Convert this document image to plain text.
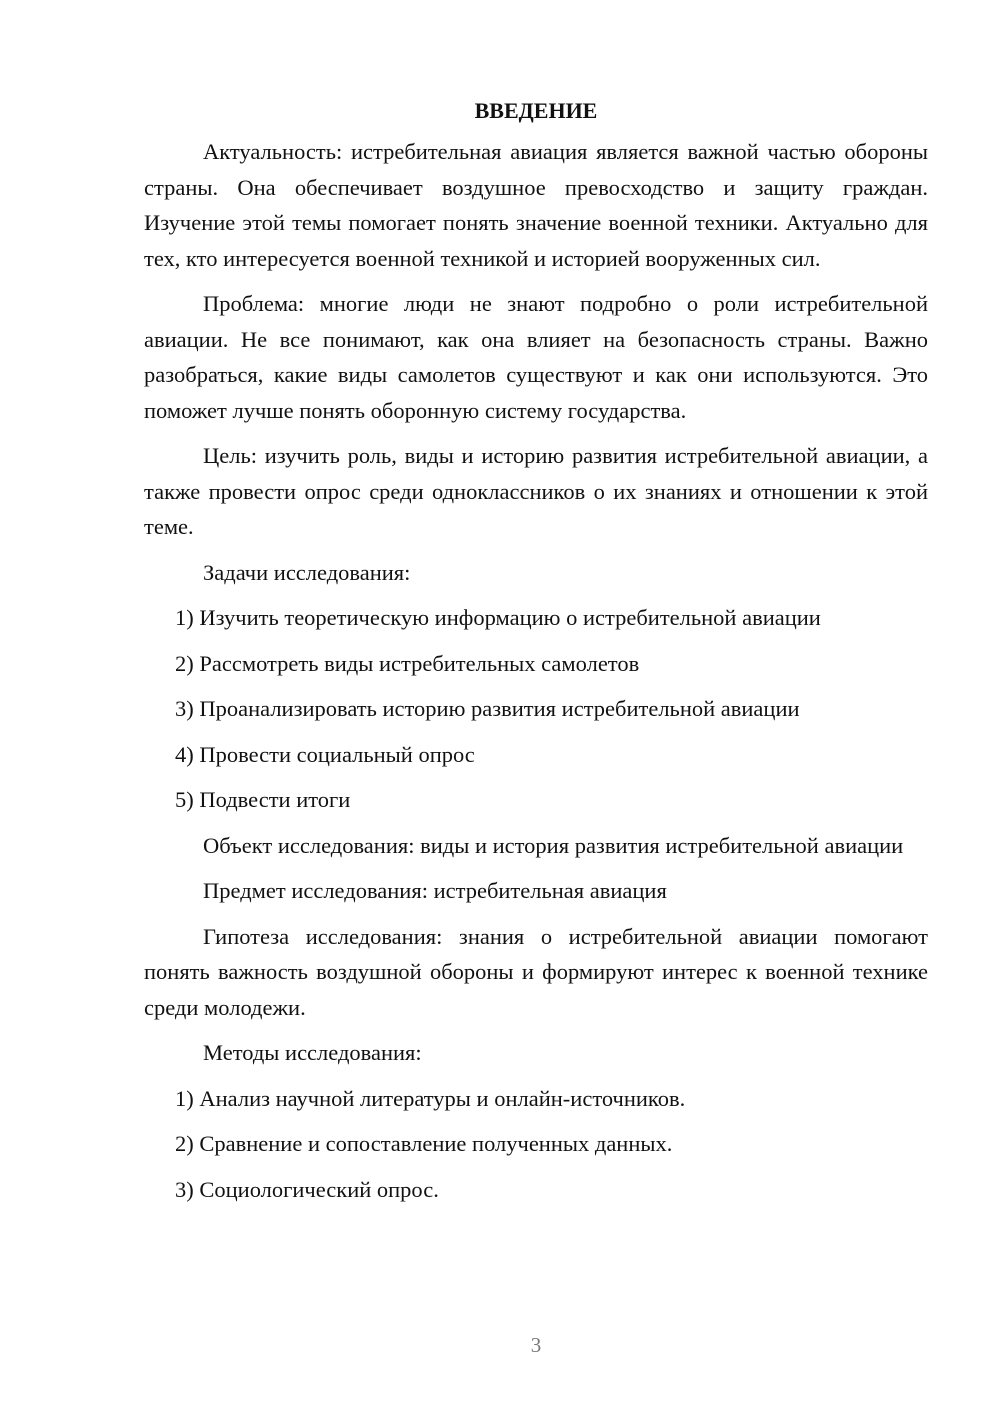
ВВЕДЕНИЕ

Актуальность: истребительная авиация является важной частью обороны страны. Она обеспечивает воздушное превосходство и защиту граждан. Изучение этой темы помогает понять значение военной техники. Актуально для тех, кто интересуется военной техникой и историей вооруженных сил.

Проблема: многие люди не знают подробно о роли истребительной авиации. Не все понимают, как она влияет на безопасность страны. Важно разобраться, какие виды самолетов существуют и как они используются. Это поможет лучше понять оборонную систему государства.

Цель: изучить роль, виды и историю развития истребительной авиации, а также провести опрос среди одноклассников о их знаниях и отношении к этой теме.

Задачи исследования:

1) Изучить теоретическую информацию о истребительной авиации

2) Рассмотреть виды истребительных самолетов

3) Проанализировать историю развития истребительной авиации

4) Провести социальный опрос

5) Подвести итоги

Объект исследования: виды и история развития истребительной авиации

Предмет исследования: истребительная авиация

Гипотеза исследования: знания о истребительной авиации помогают понять важность воздушной обороны и формируют интерес к военной технике среди молодежи.

Методы исследования:

1) Анализ научной литературы и онлайн-источников.

2) Сравнение и сопоставление полученных данных.

3) Социологический опрос.

3
